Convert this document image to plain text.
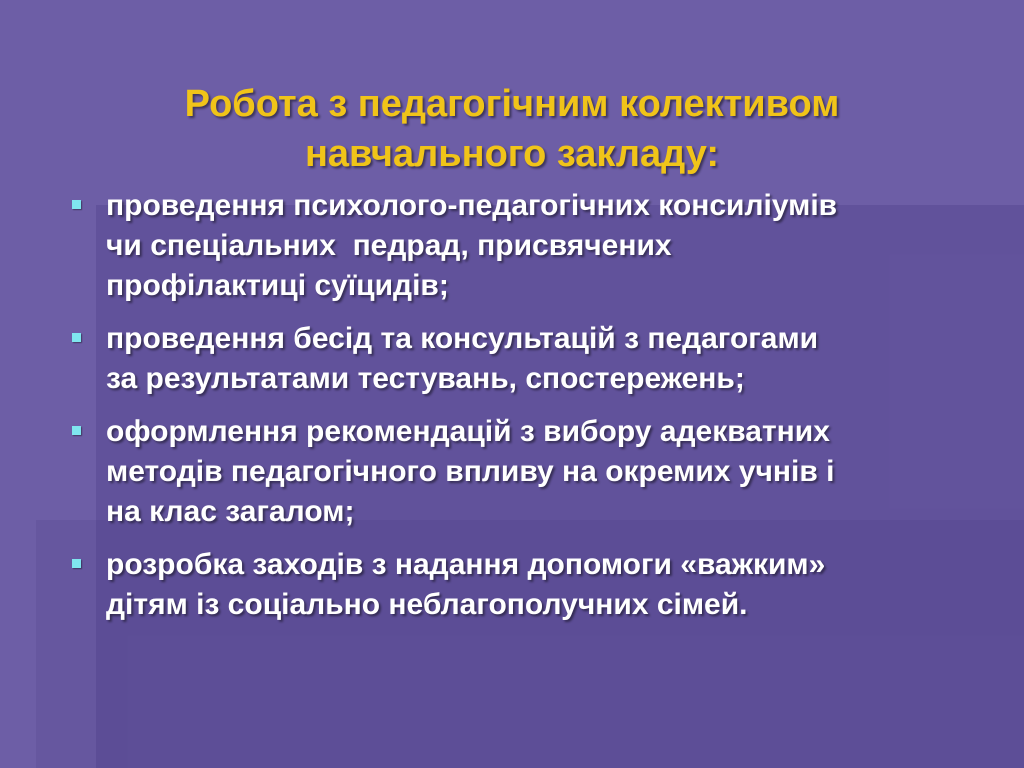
Робота з педагогічним колективом
навчального закладу:
проведення психолого-педагогічних консиліумів
чи спеціальних  педрад, присвячених
профілактиці суїцидів;
проведення бесід та консультацій з педагогами
за результатами тестувань, спостережень;
оформлення рекомендацій з вибору адекватних
методів педагогічного впливу на окремих учнів і
на клас загалом;
розробка заходів з надання допомоги «важким»
дітям із соціально неблагополучних сімей.
